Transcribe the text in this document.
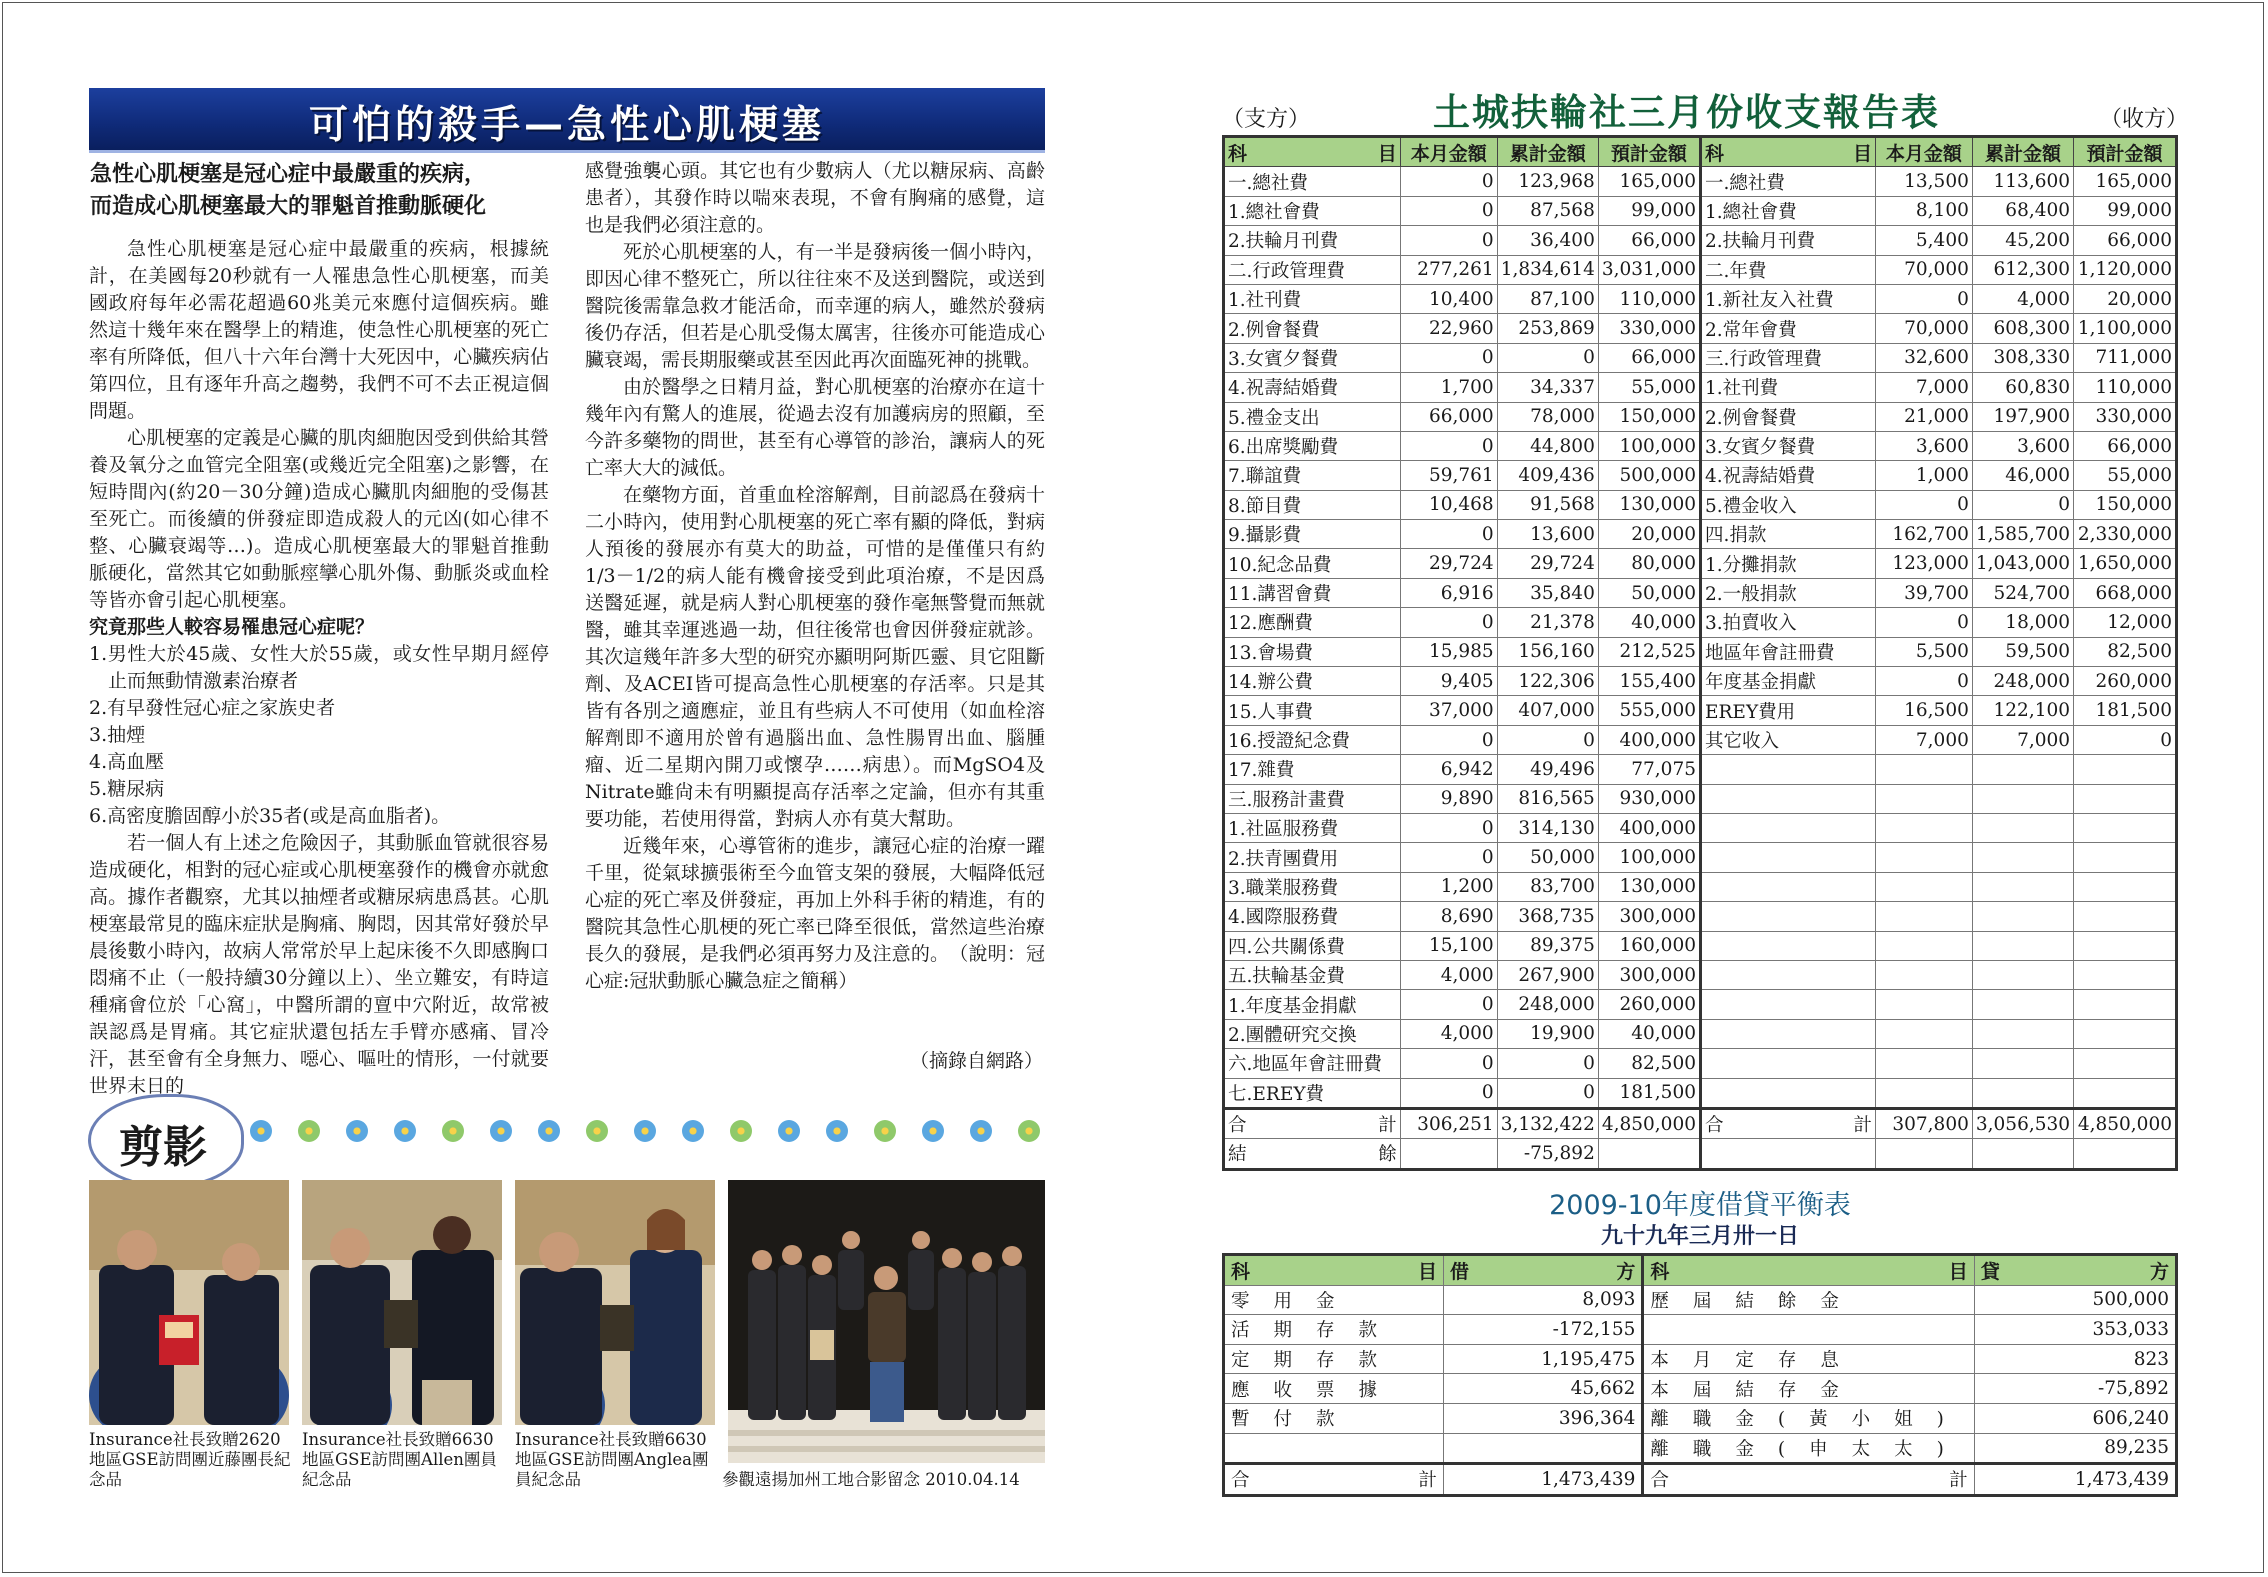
可怕的殺手—急性心肌梗塞
急性心肌梗塞是冠心症中最嚴重的疾病，
而造成心肌梗塞最大的罪魁首推動脈硬化

急性心肌梗塞是冠心症中最嚴重的疾病，根據統計，在美國每20秒就有一人罹患急性心肌梗塞，而美國政府每年必需花超過60兆美元來應付這個疾病。雖然這十幾年來在醫學上的精進，使急性心肌梗塞的死亡率有所降低，但八十六年台灣十大死因中，心臟疾病佔第四位，且有逐年升高之趨勢，我們不可不去正視這個問題。

心肌梗塞的定義是心臟的肌肉細胞因受到供給其營養及氧分之血管完全阻塞(或幾近完全阻塞)之影響，在短時間內(約20－30分鐘)造成心臟肌肉細胞的受傷甚至死亡。而後續的併發症即造成殺人的元凶(如心律不整、心臟衰竭等…)。造成心肌梗塞最大的罪魁首推動脈硬化，當然其它如動脈痙攣心肌外傷、動脈炎或血栓等皆亦會引起心肌梗塞。

究竟那些人較容易罹患冠心症呢？

1.男性大於45歲、女性大於55歲，或女性早期月經停止而無動情激素治療者

2.有早發性冠心症之家族史者

3.抽煙

4.高血壓

5.糖尿病

6.高密度膽固醇小於35者(或是高血脂者)。

若一個人有上述之危險因子，其動脈血管就很容易造成硬化，相對的冠心症或心肌梗塞發作的機會亦就愈高。據作者觀察，尤其以抽煙者或糖尿病患爲甚。心肌梗塞最常見的臨床症狀是胸痛、胸悶，因其常好發於早晨後數小時內，故病人常常於早上起床後不久即感胸口悶痛不止（一般持續30分鐘以上）、坐立難安，有時這種痛會位於「心窩」，中醫所謂的亶中穴附近，故常被誤認爲是胃痛。其它症狀還包括左手臂亦感痛、冒冷汗，甚至會有全身無力、噁心、嘔吐的情形，一付就要世界末日的

感覺強襲心頭。其它也有少數病人（尤以糖尿病、高齡患者），其發作時以喘來表現，不會有胸痛的感覺，這也是我們必須注意的。

死於心肌梗塞的人，有一半是發病後一個小時內，即因心律不整死亡，所以往往來不及送到醫院，或送到醫院後需靠急救才能活命，而幸運的病人，雖然於發病後仍存活，但若是心肌受傷太厲害，往後亦可能造成心臟衰竭，需長期服藥或甚至因此再次面臨死神的挑戰。

由於醫學之日精月益，對心肌梗塞的治療亦在這十幾年內有驚人的進展，從過去沒有加護病房的照顧，至今許多藥物的問世，甚至有心導管的診治，讓病人的死亡率大大的減低。

在藥物方面，首重血栓溶解劑，目前認爲在發病十二小時內，使用對心肌梗塞的死亡率有顯的降低，對病人預後的發展亦有莫大的助益，可惜的是僅僅只有約1/3－1/2的病人能有機會接受到此項治療，不是因爲送醫延遲，就是病人對心肌梗塞的發作毫無警覺而無就醫，雖其幸運逃過一劫，但往後常也會因併發症就診。其次這幾年許多大型的研究亦顯明阿斯匹靈、貝它阻斷劑、及ACEI皆可提高急性心肌梗塞的存活率。只是其皆有各別之適應症，並且有些病人不可使用（如血栓溶解劑即不適用於曾有過腦出血、急性腸胃出血、腦腫瘤、近二星期內開刀或懷孕……病患）。而MgSO4及Nitrate雖尙未有明顯提高存活率之定論，但亦有其重要功能，若使用得當，對病人亦有莫大幫助。

近幾年來，心導管術的進步，讓冠心症的治療一躍千里，從氣球擴張術至今血管支架的發展，大幅降低冠心症的死亡率及併發症，再加上外科手術的精進，有的醫院其急性心肌梗的死亡率已降至很低，當然這些治療長久的發展，是我們必須再努力及注意的。　（說明：冠心症:冠狀動脈心臟急症之簡稱）

（摘錄自網路）
剪影
Insurance社長致贈2620地區GSE訪問團近藤團長紀念品
Insurance社長致贈6630地區GSE訪問團Allen團員紀念品
Insurance社長致贈6630地區GSE訪問團Anglea團員紀念品	參觀遠揚加州工地合影留念 2010.04.14
（支方）	土城扶輪社三月份收支報告表	（收方）
科 目	本月金額	累計金額	預計金額	科 目	本月金額	累計金額	預計金額
一.總社費	0	123,968	165,000	一.總社費	13,500	113,600	165,000
1.總社會費	0	87,568	99,000	1.總社會費	8,100	68,400	99,000
2.扶輪月刊費	0	36,400	66,000	2.扶輪月刊費	5,400	45,200	66,000
二.行政管理費	277,261	1,834,614	3,031,000	二.年費	70,000	612,300	1,120,000
1.社刊費	10,400	87,100	110,000	1.新社友入社費	0	4,000	20,000
2.例會餐費	22,960	253,869	330,000	2.常年會費	70,000	608,300	1,100,000
3.女賓夕餐費	0	0	66,000	三.行政管理費	32,600	308,330	711,000
4.祝壽結婚費	1,700	34,337	55,000	1.社刊費	7,000	60,830	110,000
5.禮金支出	66,000	78,000	150,000	2.例會餐費	21,000	197,900	330,000
6.出席獎勵費	0	44,800	100,000	3.女賓夕餐費	3,600	3,600	66,000
7.聯誼費	59,761	409,436	500,000	4.祝壽結婚費	1,000	46,000	55,000
8.節目費	10,468	91,568	130,000	5.禮金收入	0	0	150,000
9.攝影費	0	13,600	20,000	四.捐款	162,700	1,585,700	2,330,000
10.紀念品費	29,724	29,724	80,000	1.分攤捐款	123,000	1,043,000	1,650,000
11.講習會費	6,916	35,840	50,000	2.一般捐款	39,700	524,700	668,000
12.應酬費	0	21,378	40,000	3.拍賣收入	0	18,000	12,000
13.會場費	15,985	156,160	212,525	地區年會註冊費	5,500	59,500	82,500
14.辦公費	9,405	122,306	155,400	年度基金捐獻	0	248,000	260,000
15.人事費	37,000	407,000	555,000	EREY費用	16,500	122,100	181,500
16.授證紀念費	0	0	400,000	其它收入	7,000	7,000	0
17.雜費	6,942	49,496	77,075				
三.服務計畫費	9,890	816,565	930,000				
1.社區服務費	0	314,130	400,000				
2.扶青團費用	0	50,000	100,000				
3.職業服務費	1,200	83,700	130,000				
4.國際服務費	8,690	368,735	300,000				
四.公共關係費	15,100	89,375	160,000				
五.扶輪基金費	4,000	267,900	300,000				
1.年度基金捐獻	0	248,000	260,000				
2.團體研究交換	4,000	19,900	40,000				
六.地區年會註冊費	0	0	82,500				
七.EREY費	0	0	181,500				

合 計	306,251	3,132,422	4,850,000	合 計	307,800	3,056,530	4,850,000

結 餘		-75,892					
2009-10年度借貸平衡表
九十九年三月卅一日
科 目	借 方	科 目	貸 方

零用金	8,093	歷屆結餘金	500,000
活期存款	-172,155		353,033
定期存款	1,195,475	本月定存息	823
應收票據	45,662	本屆結存金	-75,892
暫付款	396,364	離職金(黃小姐)	606,240
		離職金(申太太)	89,235

合 計	1,473,439	合 計	1,473,439
